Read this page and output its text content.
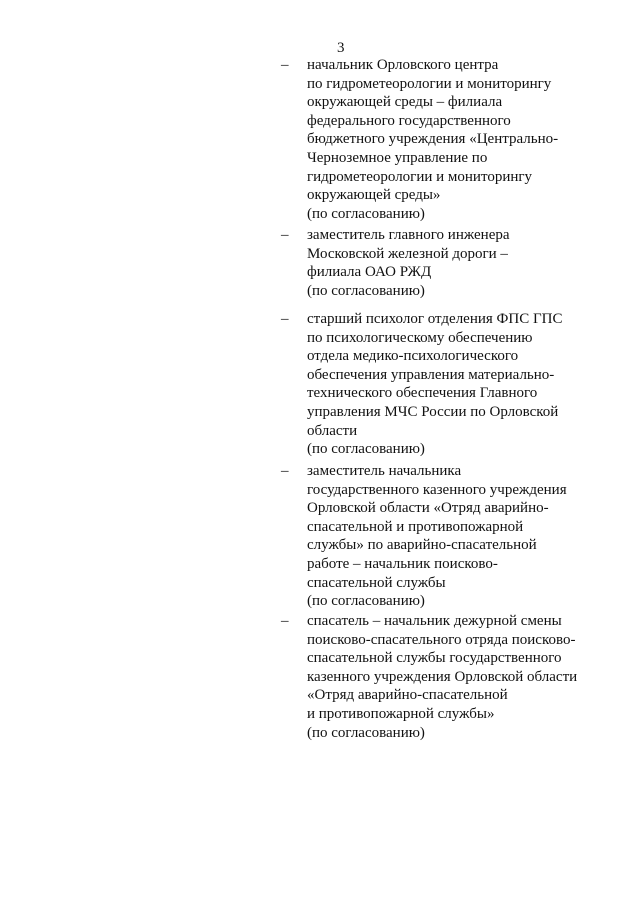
3
– начальник Орловского центра
по гидрометеорологии и мониторингу
окружающей среды – филиала
федерального государственного
бюджетного учреждения «Центрально-
Черноземное управление по
гидрометеорологии и мониторингу
окружающей среды»
(по согласованию)
– заместитель главного инженера
Московской железной дороги –
филиала ОАО РЖД
(по согласованию)
– старший психолог отделения ФПС ГПС
по психологическому обеспечению
отдела медико-психологического
обеспечения управления материально-
технического обеспечения Главного
управления МЧС России по Орловской
области
(по согласованию)
– заместитель начальника
государственного казенного учреждения
Орловской области «Отряд аварийно-
спасательной и противопожарной
службы» по аварийно-спасательной
работе – начальник поисково-
спасательной службы
(по согласованию)
– спасатель – начальник дежурной смены
поисково-спасательного отряда поисково-
спасательной службы государственного
казенного учреждения Орловской области
«Отряд аварийно-спасательной
и противопожарной службы»
(по согласованию)
